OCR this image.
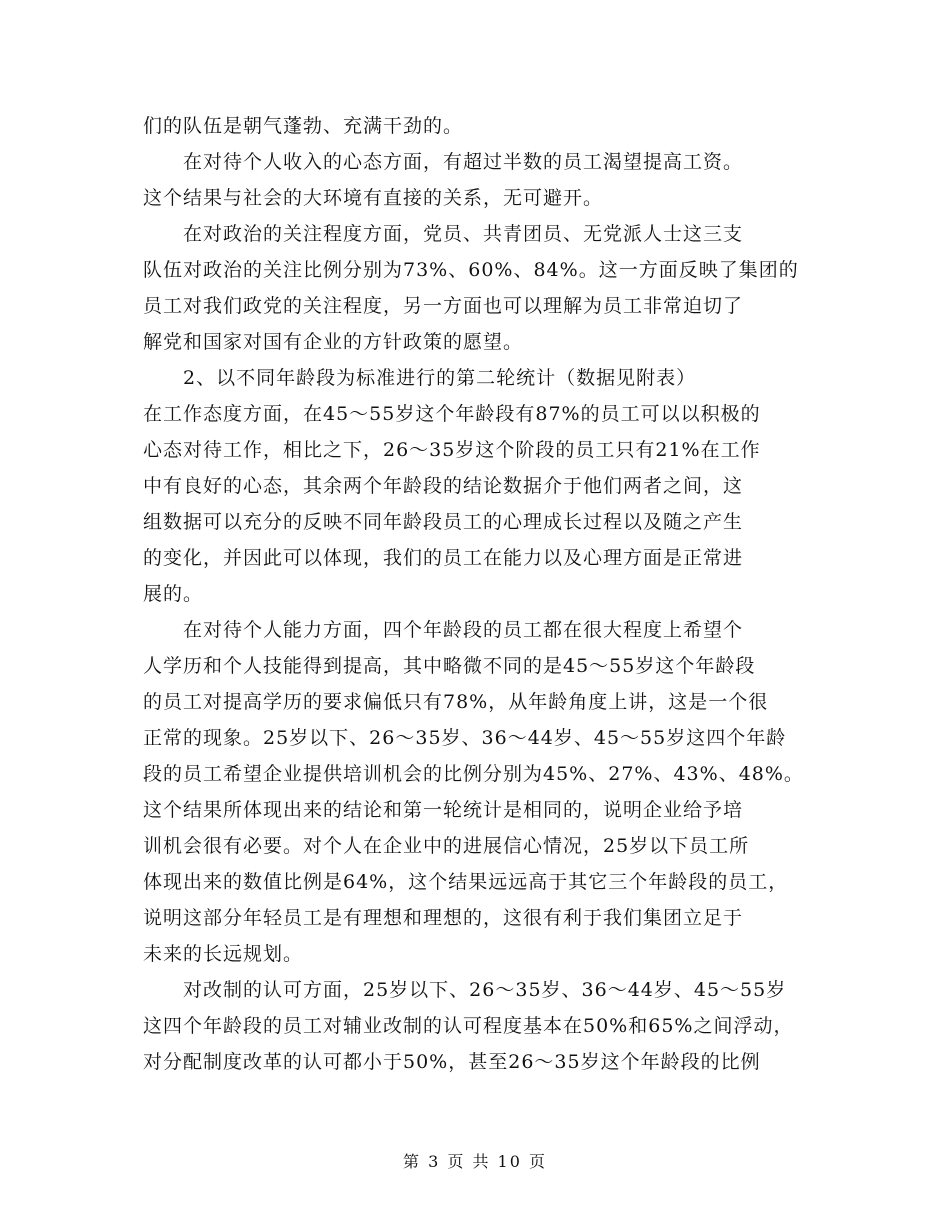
们的队伍是朝气蓬勃、充满干劲的。

在对待个人收入的心态方面，有超过半数的员工渴望提高工资。

这个结果与社会的大环境有直接的关系，无可避开。

在对政治的关注程度方面，党员、共青团员、无党派人士这三支

队伍对政治的关注比例分别为73%、60%、84%。这一方面反映了集团的

员工对我们政党的关注程度，另一方面也可以理解为员工非常迫切了

解党和国家对国有企业的方针政策的愿望。

2、以不同年龄段为标准进行的第二轮统计（数据见附表）

在工作态度方面，在45～55岁这个年龄段有87%的员工可以以积极的

心态对待工作，相比之下，26～35岁这个阶段的员工只有21%在工作

中有良好的心态，其余两个年龄段的结论数据介于他们两者之间，这

组数据可以充分的反映不同年龄段员工的心理成长过程以及随之产生

的变化，并因此可以体现，我们的员工在能力以及心理方面是正常进

展的。

在对待个人能力方面，四个年龄段的员工都在很大程度上希望个

人学历和个人技能得到提高，其中略微不同的是45～55岁这个年龄段

的员工对提高学历的要求偏低只有78%，从年龄角度上讲，这是一个很

正常的现象。25岁以下、26～35岁、36～44岁、45～55岁这四个年龄

段的员工希望企业提供培训机会的比例分别为45%、27%、43%、48%。

这个结果所体现出来的结论和第一轮统计是相同的，说明企业给予培

训机会很有必要。对个人在企业中的进展信心情况，25岁以下员工所

体现出来的数值比例是64%，这个结果远远高于其它三个年龄段的员工，

说明这部分年轻员工是有理想和理想的，这很有利于我们集团立足于

未来的长远规划。

对改制的认可方面，25岁以下、26～35岁、36～44岁、45～55岁

这四个年龄段的员工对辅业改制的认可程度基本在50%和65%之间浮动，

对分配制度改革的认可都小于50%，甚至26～35岁这个年龄段的比例

第 3 页 共 10 页
